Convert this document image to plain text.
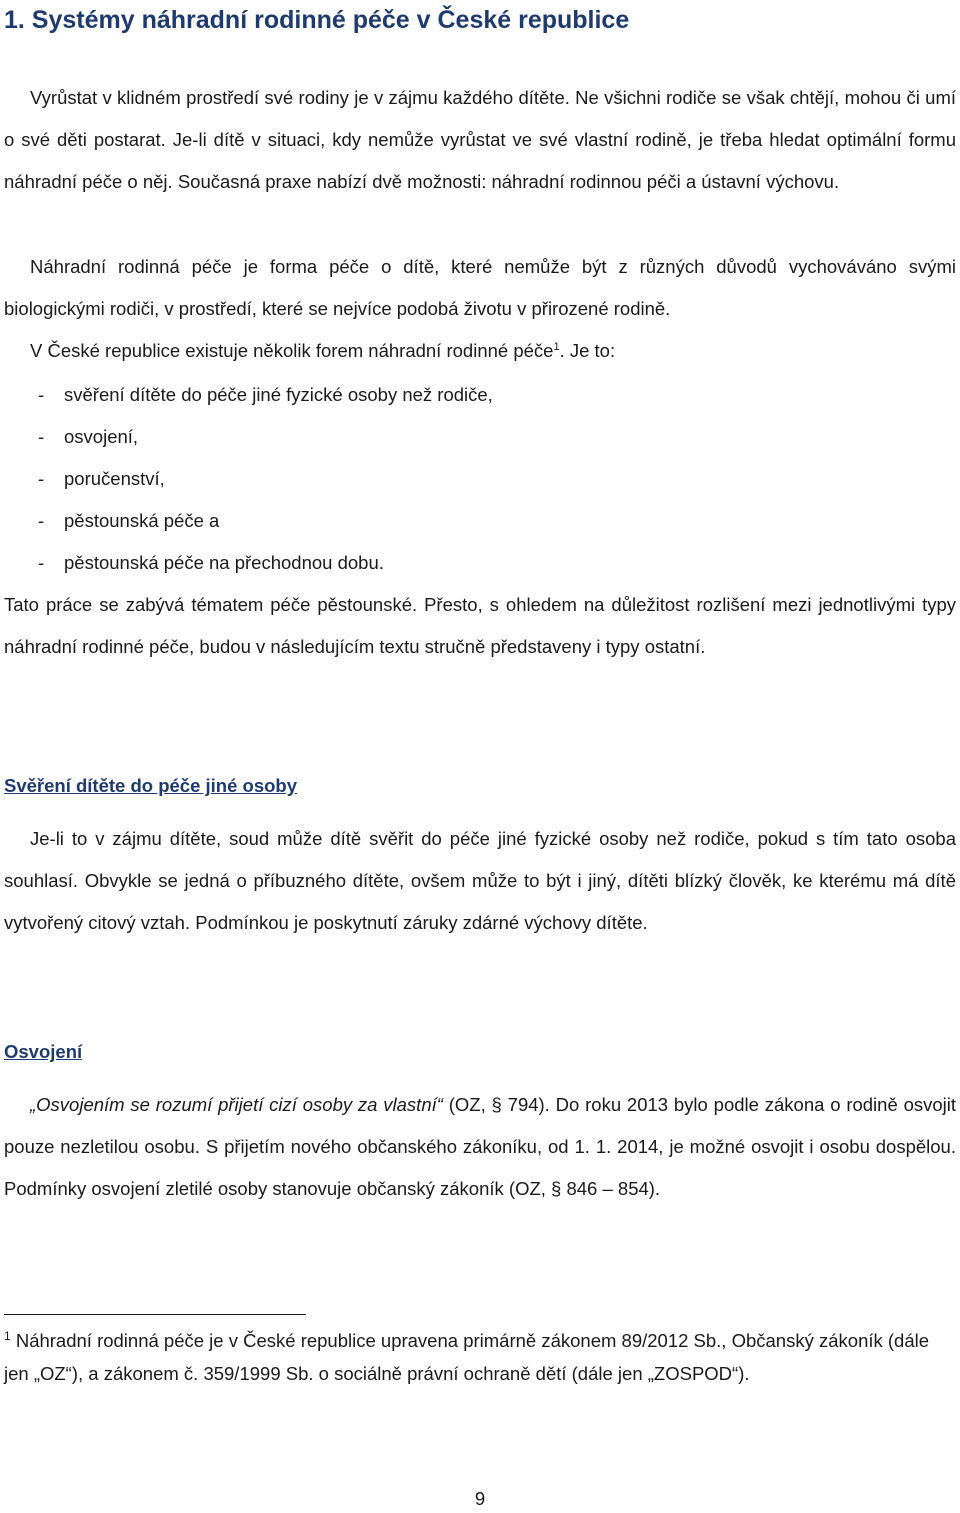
1. Systémy náhradní rodinné péče v České republice

Vyrůstat v klidném prostředí své rodiny je v zájmu každého dítěte. Ne všichni rodiče se však chtějí, mohou či umí o své děti postarat. Je-li dítě v situaci, kdy nemůže vyrůstat ve své vlastní rodině, je třeba hledat optimální formu náhradní péče o něj. Současná praxe nabízí dvě možnosti: náhradní rodinnou péči a ústavní výchovu.

Náhradní rodinná péče je forma péče o dítě, které nemůže být z různých důvodů vychováváno svými biologickými rodiči, v prostředí, které se nejvíce podobá životu v přirozené rodině.

V České republice existuje několik forem náhradní rodinné péče$^1$. Je to:

- svěření dítěte do péče jiné fyzické osoby než rodiče,
- osvojení,
- poručenství,
- pěstounská péče a
- pěstounská péče na přechodnou dobu.

Tato práce se zabývá tématem péče pěstounské. Přesto, s ohledem na důležitost rozlišení mezi jednotlivými typy náhradní rodinné péče, budou v následujícím textu stručně představeny i typy ostatní.

Svěření dítěte do péče jiné osoby

Je-li to v zájmu dítěte, soud může dítě svěřit do péče jiné fyzické osoby než rodiče, pokud s tím tato osoba souhlasí. Obvykle se jedná o příbuzného dítěte, ovšem může to být i jiný, dítěti blízký člověk, ke kterému má dítě vytvořený citový vztah. Podmínkou je poskytnutí záruky zdárné výchovy dítěte.

Osvojení

„Osvojením se rozumí přijetí cizí osoby za vlastní“ (OZ, § 794). Do roku 2013 bylo podle zákona o rodině osvojit pouze nezletilou osobu. S přijetím nového občanského zákoníku, od 1. 1. 2014, je možné osvojit i osobu dospělou. Podmínky osvojení zletilé osoby stanovuje občanský zákoník (OZ, § 846 – 854).

$^1$ Náhradní rodinná péče je v České republice upravena primárně zákonem 89/2012 Sb., Občanský zákoník (dále jen „OZ“), a zákonem č. 359/1999 Sb. o sociálně právní ochraně dětí (dále jen „ZOSPOD“).

9
